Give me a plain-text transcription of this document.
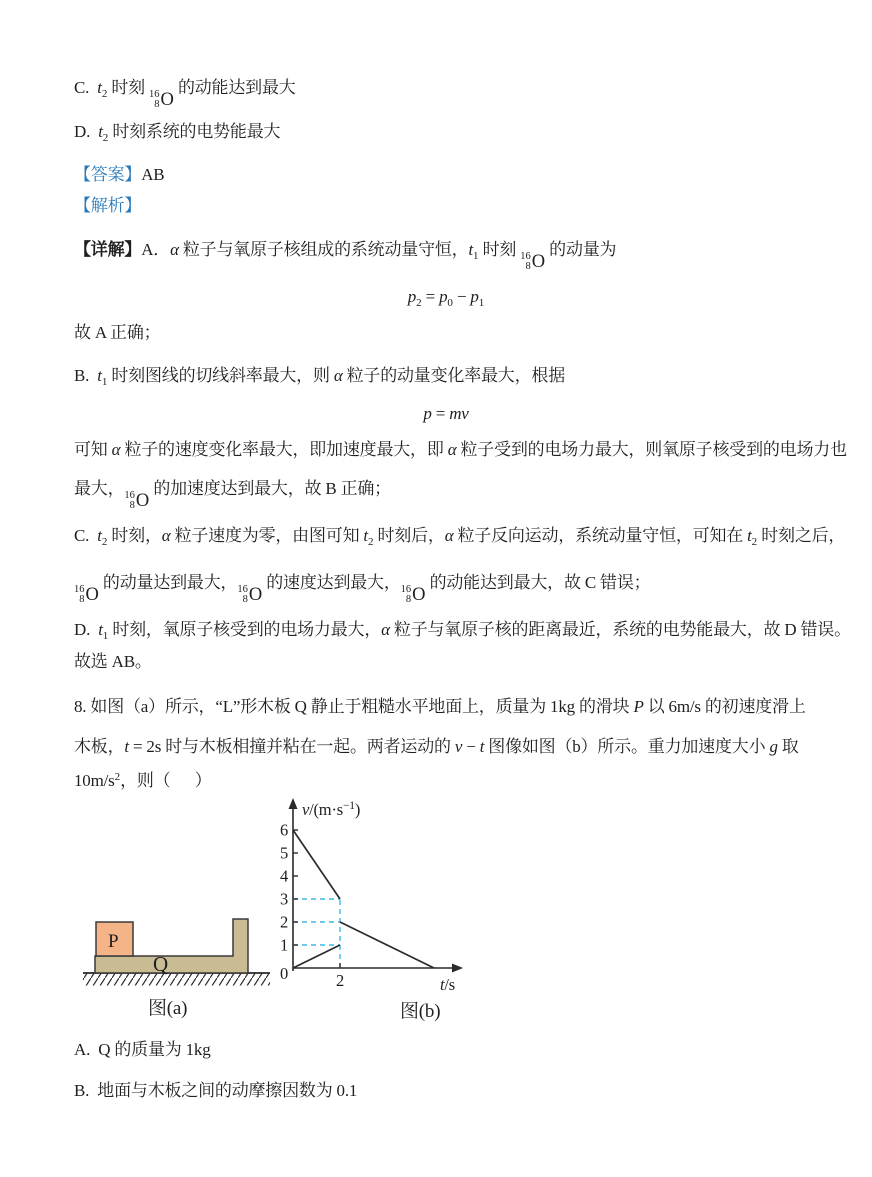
C.  $t_2$ 时刻 16
8 O
的动能达到最大
D.  $t_2$ 时刻系统的电势能最大
【答案】AB
【解析】
【详解】A．α 粒子与氧原子核组成的系统动量守恒，$t_1$ 时刻 16
8 O
的动量为
$p_2 = p_0 - p_1$
故 A 正确；
B.  $t_1$ 时刻图线的切线斜率最大，则 α 粒子的动量变化率最大，根据
p = mv
可知 α 粒子的速度变化率最大，即加速度最大，即 α 粒子受到的电场力最大，则氧原子核受到的电场力也
最大， 16
8 O
的加速度达到最大，故 B 正确；
C.  $t_2$ 时刻，α 粒子速度为零，由图可知 $t_2$ 时刻后，α 粒子反向运动，系统动量守恒，可知在 $t_2$ 时刻之后，
16
8 O
的动量达到最大， 16
8 O
的速度达到最大， 16
8 O
的动能达到最大，故 C 错误；
D.  $t_1$ 时刻，氧原子核受到的电场力最大，α 粒子与氧原子核的距离最近，系统的电势能最大，故 D 错误。
故选 AB。
8. 如图（a）所示，“L”形木板 Q 静止于粗糙水平地面上，质量为 1kg 的滑块 P 以 6m/s 的初速度滑上
木板，t = 2s 时与木板相撞并粘在一起。两者运动的 v − t 图像如图（b）所示。重力加速度大小 g 取
$10m/s^2$，则（      ）
P
Q
图(a)
$v/(m\cdot s^{-1})$
t/s
0
1
2
3
4
5
6
2
图(b)
A.  Q 的质量为 1kg
B.  地面与木板之间的动摩擦因数为 0.1
